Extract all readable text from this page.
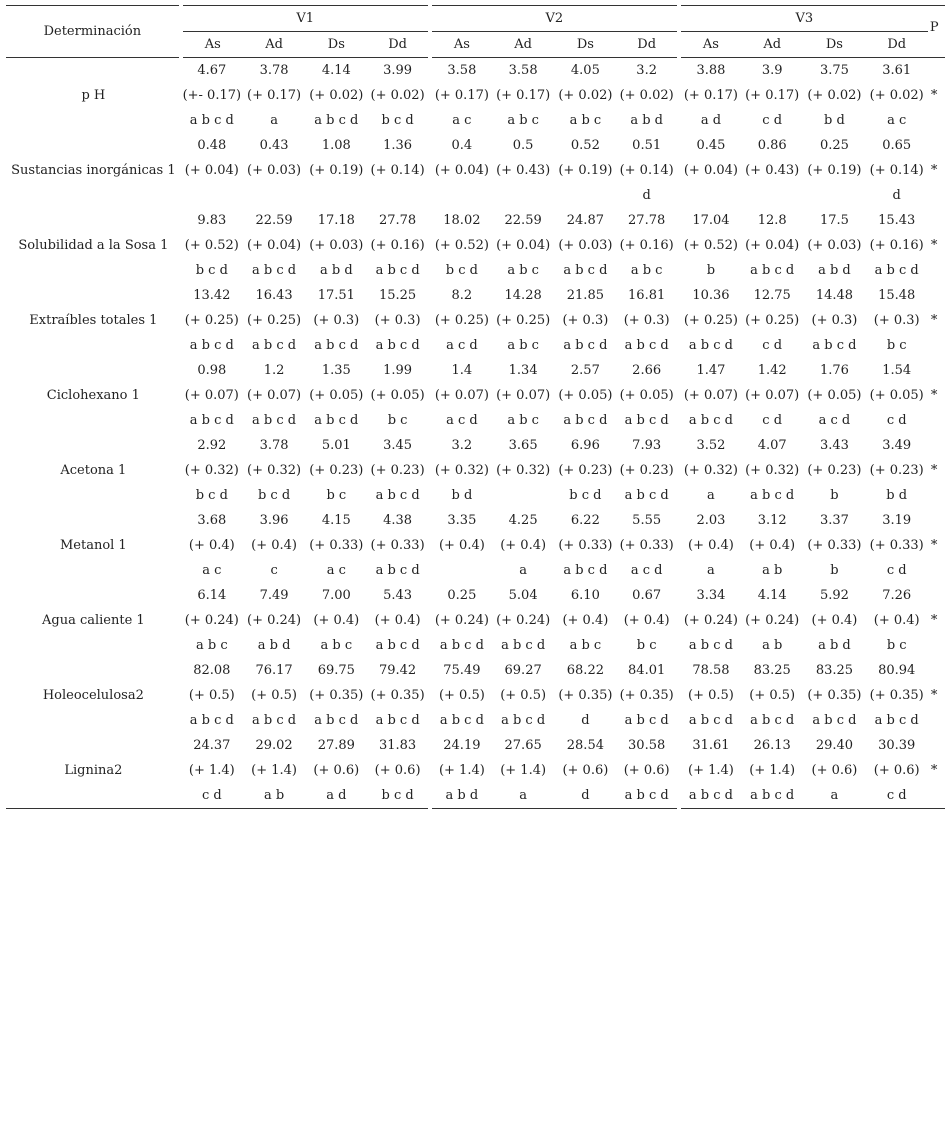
Determinación	V1				V2				V3				P
	As	Ad	Ds	Dd	As	Ad	Ds	Dd	As	Ad	Ds	Dd	
p H	4.67	3.78	4.14	3.99	3.58	3.58	4.05	3.2	3.88	3.9	3.75	3.61	*
	(+- 0.17)	(+ 0.17)	(+ 0.02)	(+ 0.02)	(+ 0.17)	(+ 0.17)	(+ 0.02)	(+ 0.02)	(+ 0.17)	(+ 0.17)	(+ 0.02)	(+ 0.02)	
	a b c d	a	a b c d	b c d	a c	a b c	a b c	a b d	a d	c d	b d	a c	
Sustancias inorgánicas 1	0.48	0.43	1.08	1.36	0.4	0.5	0.52	0.51	0.45	0.86	0.25	0.65	*
	(+ 0.04)	(+ 0.03)	(+ 0.19)	(+ 0.14)	(+ 0.04)	(+ 0.43)	(+ 0.19)	(+ 0.14)	(+ 0.04)	(+ 0.43)	(+ 0.19)	(+ 0.14)	
								d				d	
Solubilidad a la Sosa 1	9.83	22.59	17.18	27.78	18.02	22.59	24.87	27.78	17.04	12.8	17.5	15.43	*
	(+ 0.52)	(+ 0.04)	(+ 0.03)	(+ 0.16)	(+ 0.52)	(+ 0.04)	(+ 0.03)	(+ 0.16)	(+ 0.52)	(+ 0.04)	(+ 0.03)	(+ 0.16)	
	b c d	a b c d	a b d	a b c d	b c d	a b c	a b c d	a b c	b	a b c d	a b d	a b c d	
Extraíbles totales 1	13.42	16.43	17.51	15.25	8.2	14.28	21.85	16.81	10.36	12.75	14.48	15.48	*
	(+ 0.25)	(+ 0.25)	(+ 0.3)	(+ 0.3)	(+ 0.25)	(+ 0.25)	(+ 0.3)	(+ 0.3)	(+ 0.25)	(+ 0.25)	(+ 0.3)	(+ 0.3)	
	a b c d	a b c d	a b c d	a b c d	a c d	a b c	a b c d	a b c d	a b c d	c d	a b c d	b c	
Ciclohexano 1	0.98	1.2	1.35	1.99	1.4	1.34	2.57	2.66	1.47	1.42	1.76	1.54	*
	(+ 0.07)	(+ 0.07)	(+ 0.05)	(+ 0.05)	(+ 0.07)	(+ 0.07)	(+ 0.05)	(+ 0.05)	(+ 0.07)	(+ 0.07)	(+ 0.05)	(+ 0.05)	
	a b c d	a b c d	a b c d	b c	a c d	a b c	a b c d	a b c d	a b c d	c d	a c d	c d	
Acetona 1	2.92	3.78	5.01	3.45	3.2	3.65	6.96	7.93	3.52	4.07	3.43	3.49	*
	(+ 0.32)	(+ 0.32)	(+ 0.23)	(+ 0.23)	(+ 0.32)	(+ 0.32)	(+ 0.23)	(+ 0.23)	(+ 0.32)	(+ 0.32)	(+ 0.23)	(+ 0.23)	
	b c d	b c d	b c	a b c d	b d		b c d	a b c d	a	a b c d	b	b d	
Metanol 1	3.68	3.96	4.15	4.38	3.35	4.25	6.22	5.55	2.03	3.12	3.37	3.19	*
	(+ 0.4)	(+ 0.4)	(+ 0.33)	(+ 0.33)	(+ 0.4)	(+ 0.4)	(+ 0.33)	(+ 0.33)	(+ 0.4)	(+ 0.4)	(+ 0.33)	(+ 0.33)	
	a c	c	a c	a b c d		a	a b c d	a c d	a	a b	b	c d	
Agua caliente 1	6.14	7.49	7.00	5.43	0.25	5.04	6.10	0.67	3.34	4.14	5.92	7.26	*
	(+ 0.24)	(+ 0.24)	(+ 0.4)	(+ 0.4)	(+ 0.24)	(+ 0.24)	(+ 0.4)	(+ 0.4)	(+ 0.24)	(+ 0.24)	(+ 0.4)	(+ 0.4)	
	a b c	a b d	a b c	a b c d	a b c d	a b c d	a b c	b c	a b c d	a b	a b d	b c	
Holeocelulosa2	82.08	76.17	69.75	79.42	75.49	69.27	68.22	84.01	78.58	83.25	83.25	80.94	*
	(+ 0.5)	(+ 0.5)	(+ 0.35)	(+ 0.35)	(+ 0.5)	(+ 0.5)	(+ 0.35)	(+ 0.35)	(+ 0.5)	(+ 0.5)	(+ 0.35)	(+ 0.35)	
	a b c d	a b c d	a b c d	a b c d	a b c d	a b c d	d	a b c d	a b c d	a b c d	a b c d	a b c d	
Lignina2	24.37	29.02	27.89	31.83	24.19	27.65	28.54	30.58	31.61	26.13	29.40	30.39	*
	(+ 1.4)	(+ 1.4)	(+ 0.6)	(+ 0.6)	(+ 1.4)	(+ 1.4)	(+ 0.6)	(+ 0.6)	(+ 1.4)	(+ 1.4)	(+ 0.6)	(+ 0.6)	
	c d	a b	a d	b c d	a b d	a	d	a b c d	a b c d	a b c d	a	c d	
